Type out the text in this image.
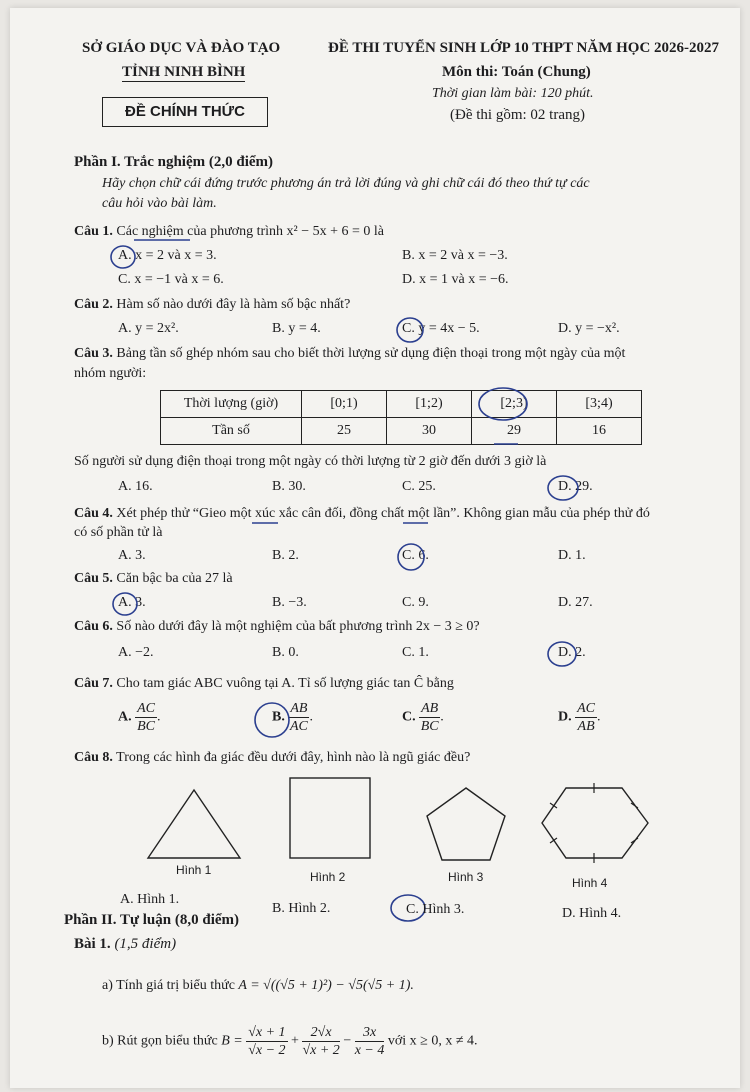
SỞ GIÁO DỤC VÀ ĐÀO TẠO
TỈNH NINH BÌNH
ĐỀ CHÍNH THỨC
ĐỀ THI TUYỂN SINH LỚP 10 THPT NĂM HỌC 2026-2027
Môn thi: Toán (Chung)
Thời gian làm bài: 120 phút.
(Đề thi gồm: 02 trang)
Phần I. Trắc nghiệm (2,0 điểm)
Hãy chọn chữ cái đứng trước phương án trả lời đúng và ghi chữ cái đó theo thứ tự các
câu hỏi vào bài làm.
Câu 1. Các nghiệm của phương trình x² − 5x + 6 = 0 là
A. x = 2 và x = 3.	B. x = 2 và x = −3.
C. x = −1 và x = 6.	D. x = 1 và x = −6.
Câu 2. Hàm số nào dưới đây là hàm số bậc nhất?
A. y = 2x².	B. y = 4.	C. y = 4x − 5.	D. y = −x².
Câu 3. Bảng tần số ghép nhóm sau cho biết thời lượng sử dụng điện thoại trong một ngày của một
nhóm người:
Thời lượng (giờ)	[0;1)	[1;2)	[2;3)	[3;4)
Tần số	25	30	29	16
Số người sử dụng điện thoại trong một ngày có thời lượng từ 2 giờ đến dưới 3 giờ là
A. 16.	B. 30.	C. 25.	D. 29.
Câu 4. Xét phép thử “Gieo một xúc xắc cân đối, đồng chất một lần”. Không gian mẫu của phép thử đó
có số phần tử là
A. 3.	B. 2.	C. 6.	D. 1.
Câu 5. Căn bậc ba của 27 là
A. 3.	B. −3.	C. 9.	D. 27.
Câu 6. Số nào dưới đây là một nghiệm của bất phương trình 2x − 3 ≥ 0?
A. −2.	B. 0.	C. 1.	D. 2.
Câu 7. Cho tam giác ABC vuông tại A. Tỉ số lượng giác tan Ĉ bằng
A. $\frac{AC}{BC}$ .	B. $\frac{AB}{AC}$ .	C. $\frac{AB}{BC}$ .	D. $\frac{AC}{AB}$ .
Câu 8. Trong các hình đa giác đều dưới đây, hình nào là ngũ giác đều?
Hình 1	Hình 2	Hình 3	Hình 4
A. Hình 1.
B. Hình 2.	C. Hình 3.	D. Hình 4.
Phần II. Tự luận (8,0 điểm)
Bài 1. (1,5 điểm)
a) Tính giá trị biểu thức A = √((√5 + 1)²) − √5(√5 + 1).
b) Rút gọn biểu thức $B = \frac{√x + 1}{√x - 2} + \frac{2√x}{√x + 2} - \frac{3x}{x - 4}$ với x ≥ 0, x ≠ 4.
